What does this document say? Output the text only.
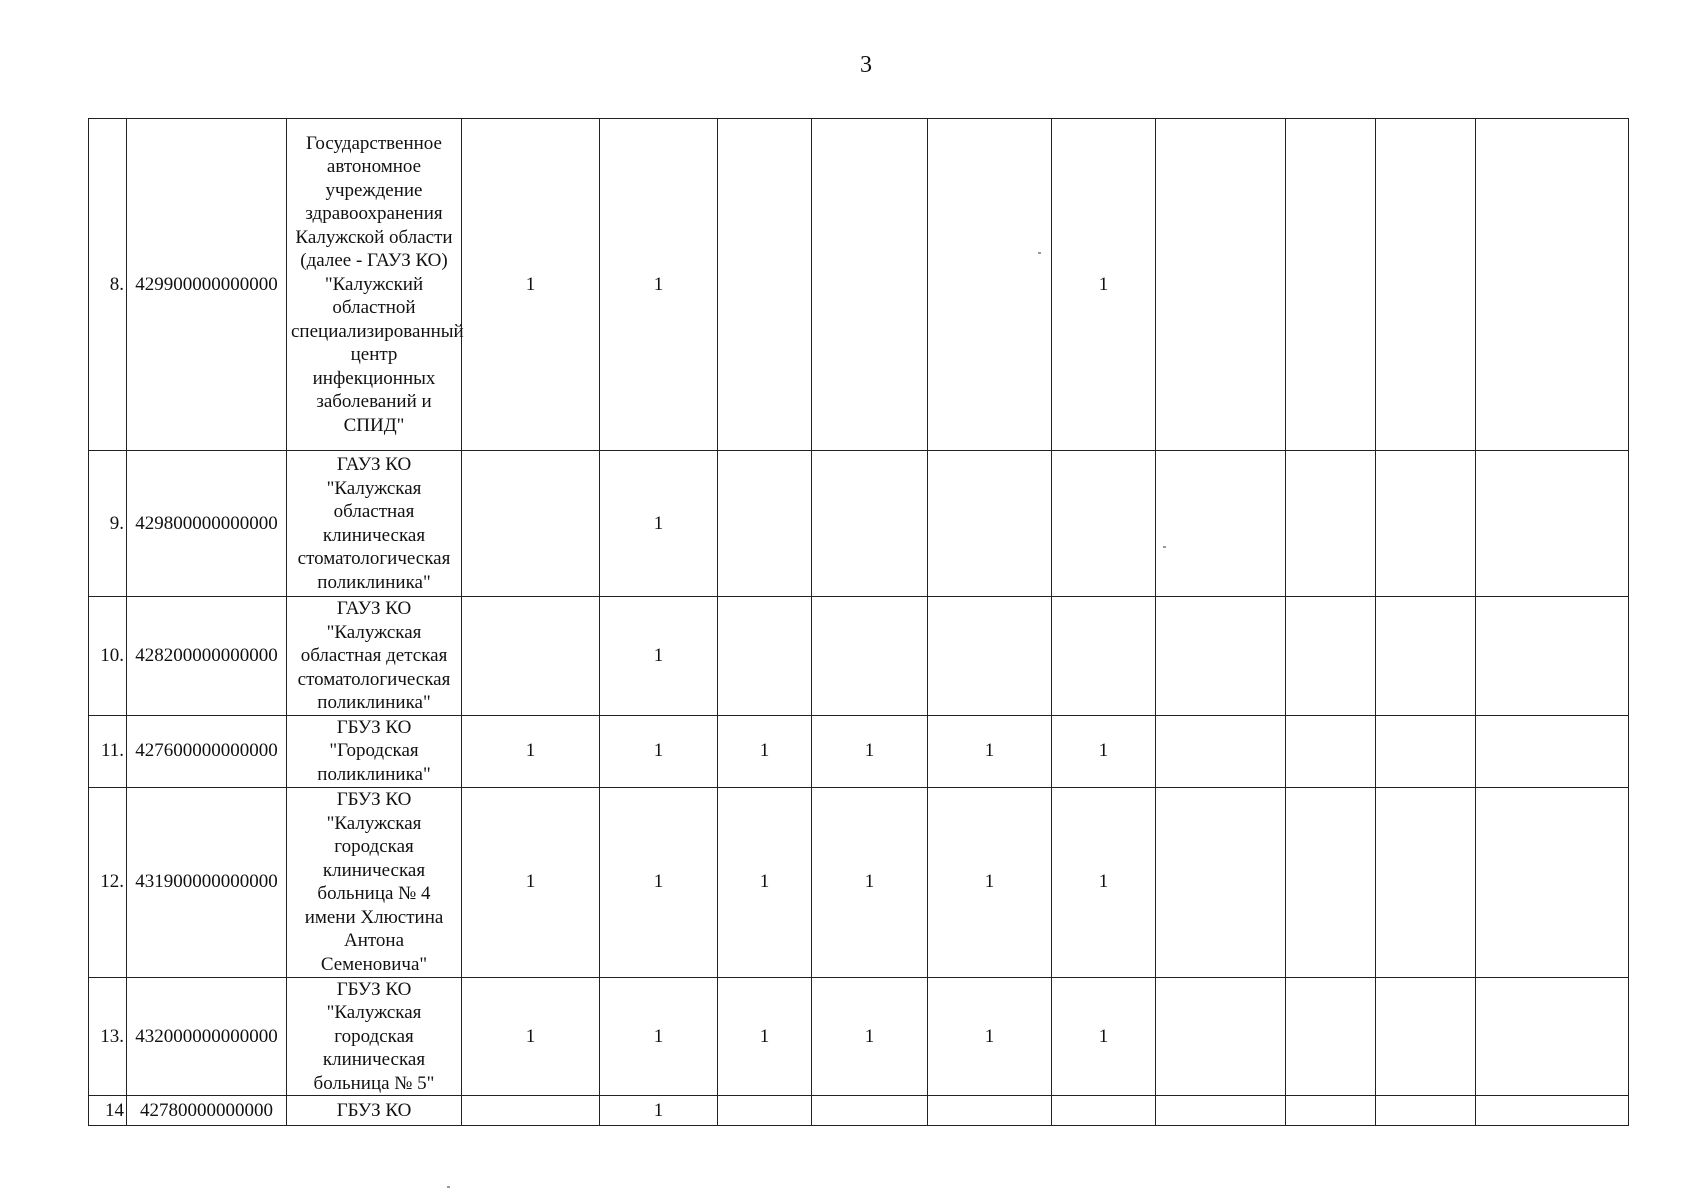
3
8.	429900000000000	Государственное автономное учреждение здравоохранения Калужской области (далее - ГАУЗ КО) "Калужский областной специализированный центр инфекционных заболеваний и СПИД"	1	1				1				
9.	429800000000000	ГАУЗ КО "Калужская областная клиническая стоматологическая поликлиника"		1								
10.	428200000000000	ГАУЗ КО "Калужская областная детская стоматологическая поликлиника"		1								
11.	427600000000000	ГБУЗ КО "Городская поликлиника"	1	1	1	1	1	1				
12.	431900000000000	ГБУЗ КО "Калужская городская клиническая больница № 4 имени Хлюстина Антона Семеновича"	1	1	1	1	1	1				
13.	432000000000000	ГБУЗ КО "Калужская городская клиническая больница № 5"	1	1	1	1	1	1				
14	42780000000000	ГБУЗ КО		1								
